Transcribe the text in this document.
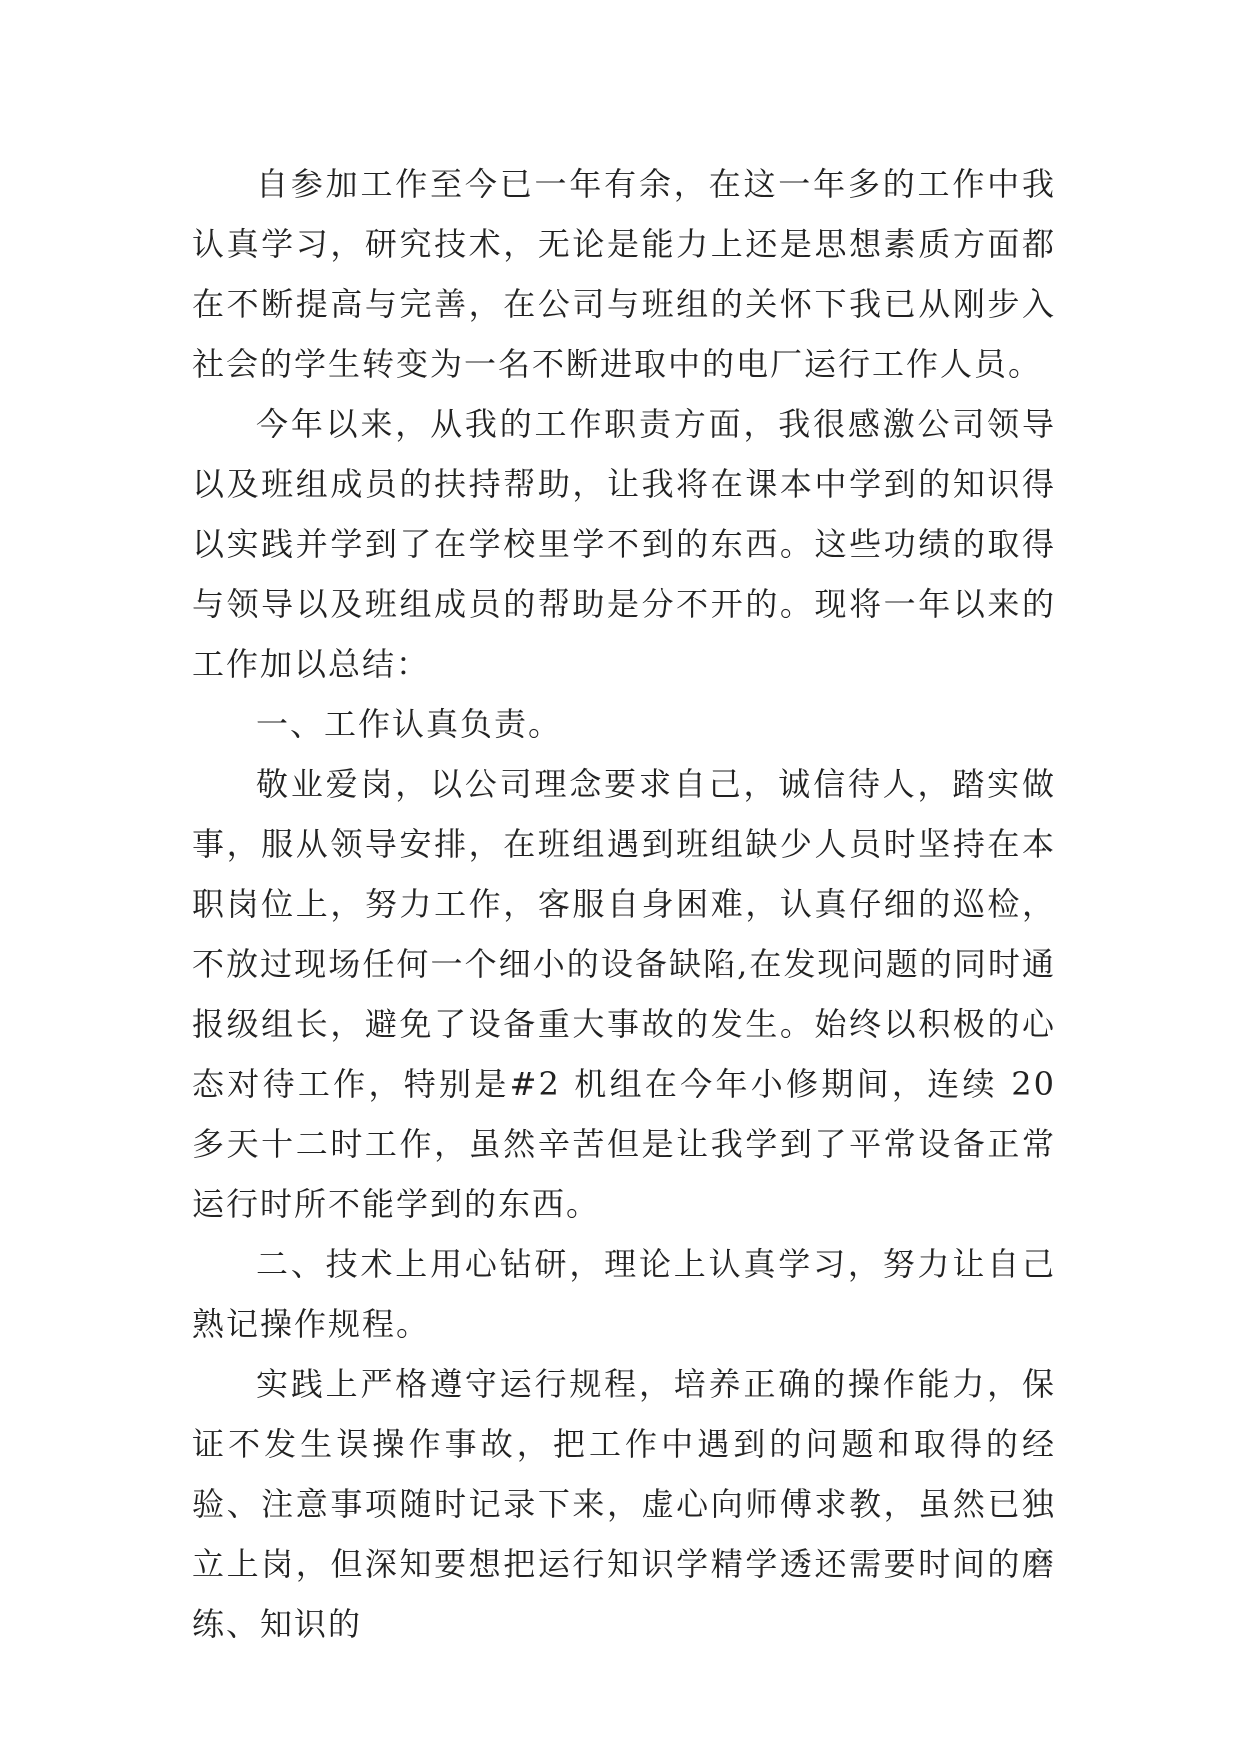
自参加工作至今已一年有余，在这一年多的工作中我认真学习，研究技术，无论是能力上还是思想素质方面都在不断提高与完善，在公司与班组的关怀下我已从刚步入社会的学生转变为一名不断进取中的电厂运行工作人员。

今年以来，从我的工作职责方面，我很感激公司领导以及班组成员的扶持帮助，让我将在课本中学到的知识得以实践并学到了在学校里学不到的东西。这些功绩的取得与领导以及班组成员的帮助是分不开的。现将一年以来的工作加以总结：

一、工作认真负责。

敬业爱岗，以公司理念要求自己，诚信待人，踏实做事，服从领导安排，在班组遇到班组缺少人员时坚持在本职岗位上，努力工作，客服自身困难，认真仔细的巡检，不放过现场任何一个细小的设备缺陷,在发现问题的同时通报级组长，避免了设备重大事故的发生。始终以积极的心态对待工作，特别是#2 机组在今年小修期间，连续 20 多天十二时工作，虽然辛苦但是让我学到了平常设备正常运行时所不能学到的东西。

二、技术上用心钻研，理论上认真学习，努力让自己熟记操作规程。

实践上严格遵守运行规程，培养正确的操作能力，保证不发生误操作事故，把工作中遇到的问题和取得的经验、注意事项随时记录下来，虚心向师傅求教，虽然已独立上岗，但深知要想把运行知识学精学透还需要时间的磨练、知识的
